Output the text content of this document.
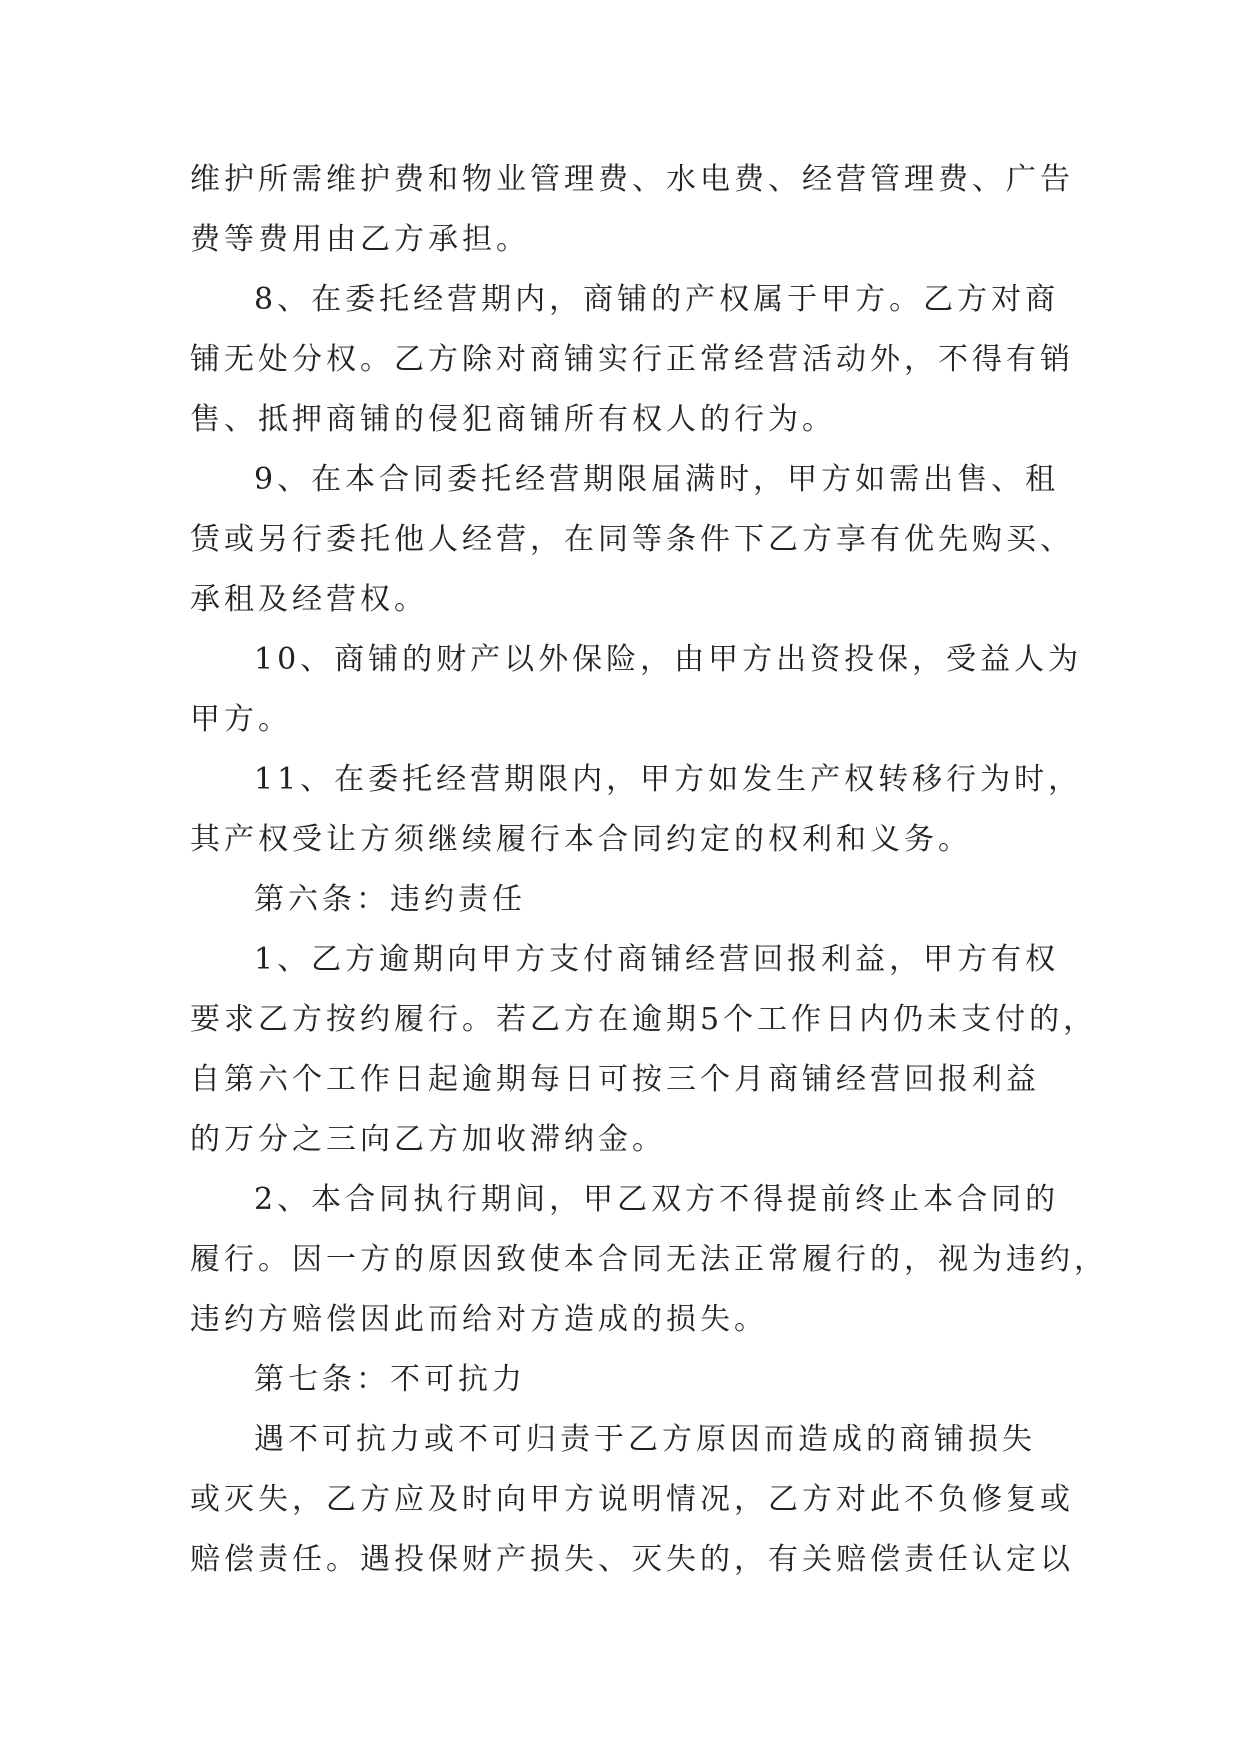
维护所需维护费和物业管理费、水电费、经营管理费、广告
费等费用由乙方承担。
8、在委托经营期内，商铺的产权属于甲方。乙方对商
铺无处分权。乙方除对商铺实行正常经营活动外，不得有销
售、抵押商铺的侵犯商铺所有权人的行为。
9、在本合同委托经营期限届满时，甲方如需出售、租
赁或另行委托他人经营，在同等条件下乙方享有优先购买、
承租及经营权。
10、商铺的财产以外保险，由甲方出资投保，受益人为
甲方。
11、在委托经营期限内，甲方如发生产权转移行为时，
其产权受让方须继续履行本合同约定的权利和义务。
第六条：违约责任
1、乙方逾期向甲方支付商铺经营回报利益，甲方有权
要求乙方按约履行。若乙方在逾期5个工作日内仍未支付的，
自第六个工作日起逾期每日可按三个月商铺经营回报利益
的万分之三向乙方加收滞纳金。
2、本合同执行期间，甲乙双方不得提前终止本合同的
履行。因一方的原因致使本合同无法正常履行的，视为违约，
违约方赔偿因此而给对方造成的损失。
第七条：不可抗力
遇不可抗力或不可归责于乙方原因而造成的商铺损失
或灭失，乙方应及时向甲方说明情况，乙方对此不负修复或
赔偿责任。遇投保财产损失、灭失的，有关赔偿责任认定以
